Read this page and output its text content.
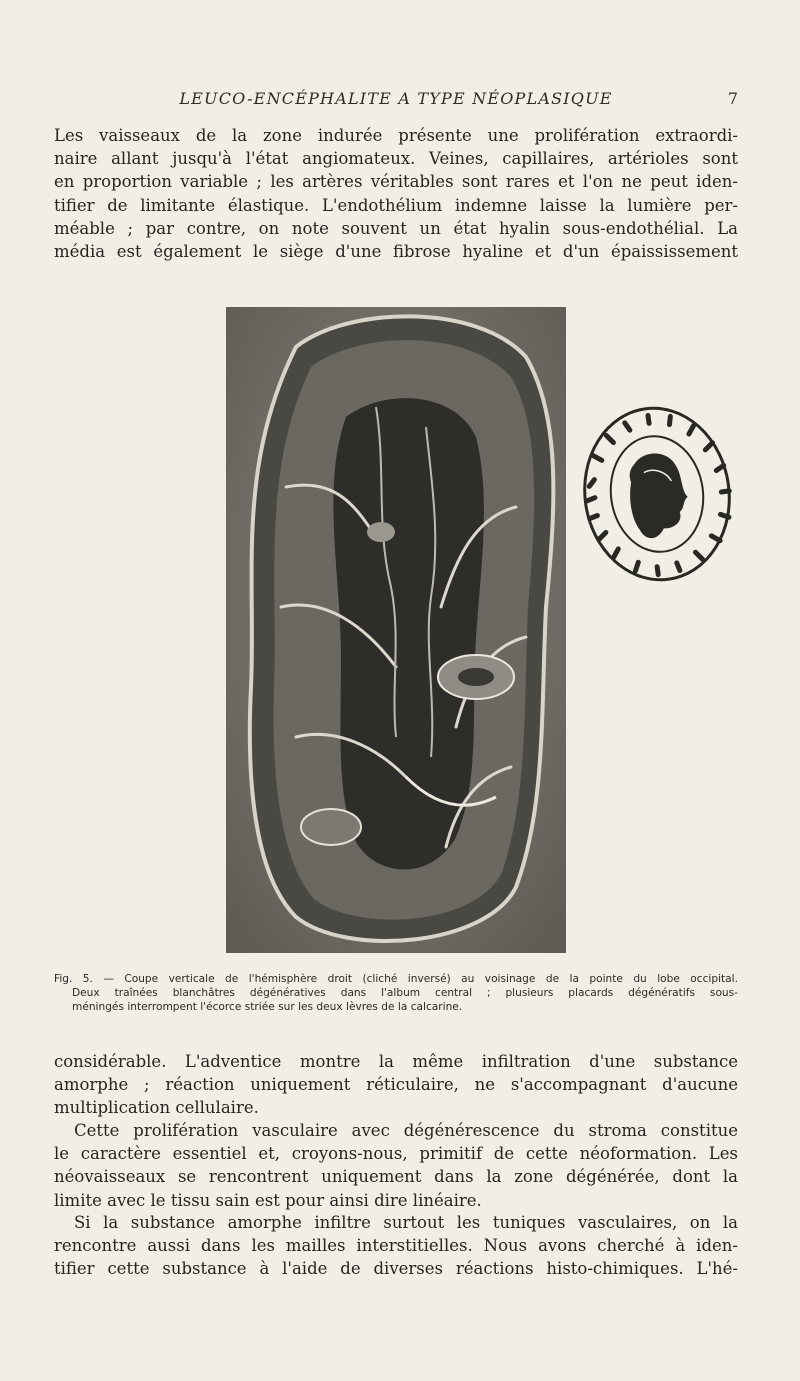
LEUCO-ENCÉPHALITE A TYPE NÉOPLASIQUE	7
Les vaisseaux de la zone indurée présente une prolifération extraordi-
naire allant jusqu'à l'état angiomateux. Veines, capillaires, artérioles sont
en proportion variable ; les artères véritables sont rares et l'on ne peut iden-
tifier de limitante élastique. L'endothélium indemne laisse la lumière per-
méable ; par contre, on note souvent un état hyalin sous-endothélial. La
média est également le siège d'une fibrose hyaline et d'un épaississement
Fig. 5. — Coupe verticale de l'hémisphère droit (cliché inversé) au voisinage de la pointe du lobe occipital.
Deux traînées blanchâtres dégénératives dans l'album central ; plusieurs placards dégénératifs sous-
méningés interrompent l'écorce striée sur les deux lèvres de la calcarine.
considérable. L'adventice montre la même infiltration d'une substance
amorphe ; réaction uniquement réticulaire, ne s'accompagnant d'aucune
multiplication cellulaire.
Cette prolifération vasculaire avec dégénérescence du stroma constitue
le caractère essentiel et, croyons-nous, primitif de cette néoformation. Les
néovaisseaux se rencontrent uniquement dans la zone dégénérée, dont la
limite avec le tissu sain est pour ainsi dire linéaire.
Si la substance amorphe infiltre surtout les tuniques vasculaires, on la
rencontre aussi dans les mailles interstitielles. Nous avons cherché à iden-
tifier cette substance à l'aide de diverses réactions histo-chimiques. L'hé-
